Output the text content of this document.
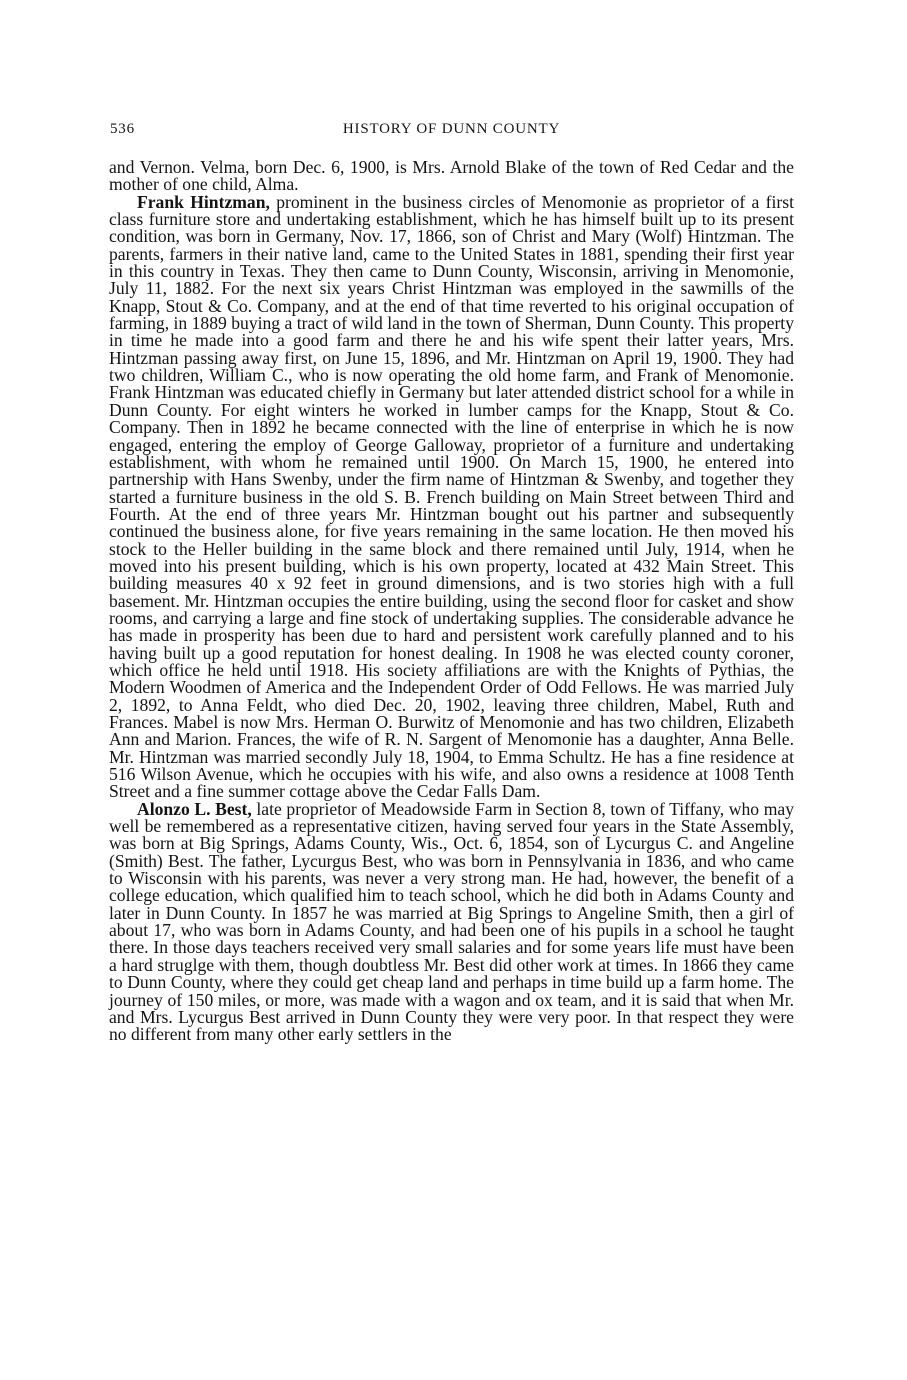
536	HISTORY OF DUNN COUNTY

and Vernon. Velma, born Dec. 6, 1900, is Mrs. Arnold Blake of the town of Red Cedar and the mother of one child, Alma.

Frank Hintzman, prominent in the business circles of Menomonie as proprietor of a first class furniture store and undertaking establishment, which he has himself built up to its present condition, was born in Germany, Nov. 17, 1866, son of Christ and Mary (Wolf) Hintzman. The parents, farmers in their native land, came to the United States in 1881, spending their first year in this country in Texas. They then came to Dunn County, Wisconsin, arriving in Menomonie, July 11, 1882. For the next six years Christ Hintzman was employed in the sawmills of the Knapp, Stout & Co. Company, and at the end of that time reverted to his original occupation of farming, in 1889 buying a tract of wild land in the town of Sherman, Dunn County. This property in time he made into a good farm and there he and his wife spent their latter years, Mrs. Hintzman passing away first, on June 15, 1896, and Mr. Hintzman on April 19, 1900. They had two children, William C., who is now operating the old home farm, and Frank of Menomonie. Frank Hintzman was educated chiefly in Germany but later attended district school for a while in Dunn County. For eight winters he worked in lumber camps for the Knapp, Stout & Co. Company. Then in 1892 he became connected with the line of enterprise in which he is now engaged, entering the employ of George Galloway, proprietor of a furniture and undertaking establishment, with whom he remained until 1900. On March 15, 1900, he entered into partnership with Hans Swenby, under the firm name of Hintzman & Swenby, and together they started a furniture business in the old S. B. French building on Main Street between Third and Fourth. At the end of three years Mr. Hintzman bought out his partner and subsequently continued the business alone, for five years remaining in the same location. He then moved his stock to the Heller building in the same block and there remained until July, 1914, when he moved into his present building, which is his own property, located at 432 Main Street. This building measures 40 x 92 feet in ground dimensions, and is two stories high with a full basement. Mr. Hintzman occupies the entire building, using the second floor for casket and show rooms, and carrying a large and fine stock of undertaking supplies. The considerable advance he has made in prosperity has been due to hard and persistent work carefully planned and to his having built up a good reputation for honest dealing. In 1908 he was elected county coroner, which office he held until 1918. His society affiliations are with the Knights of Pythias, the Modern Woodmen of America and the Independent Order of Odd Fellows. He was married July 2, 1892, to Anna Feldt, who died Dec. 20, 1902, leaving three children, Mabel, Ruth and Frances. Mabel is now Mrs. Herman O. Burwitz of Menomonie and has two children, Elizabeth Ann and Marion. Frances, the wife of R. N. Sargent of Menomonie has a daughter, Anna Belle. Mr. Hintzman was married secondly July 18, 1904, to Emma Schultz. He has a fine residence at 516 Wilson Avenue, which he occupies with his wife, and also owns a residence at 1008 Tenth Street and a fine summer cottage above the Cedar Falls Dam.

Alonzo L. Best, late proprietor of Meadowside Farm in Section 8, town of Tiffany, who may well be remembered as a representative citizen, having served four years in the State Assembly, was born at Big Springs, Adams County, Wis., Oct. 6, 1854, son of Lycurgus C. and Angeline (Smith) Best. The father, Lycurgus Best, who was born in Pennsylvania in 1836, and who came to Wisconsin with his parents, was never a very strong man. He had, however, the benefit of a college education, which qualified him to teach school, which he did both in Adams County and later in Dunn County. In 1857 he was married at Big Springs to Angeline Smith, then a girl of about 17, who was born in Adams County, and had been one of his pupils in a school he taught there. In those days teachers received very small salaries and for some years life must have been a hard struglge with them, though doubtless Mr. Best did other work at times. In 1866 they came to Dunn County, where they could get cheap land and perhaps in time build up a farm home. The journey of 150 miles, or more, was made with a wagon and ox team, and it is said that when Mr. and Mrs. Lycurgus Best arrived in Dunn County they were very poor. In that respect they were no different from many other early settlers in the
